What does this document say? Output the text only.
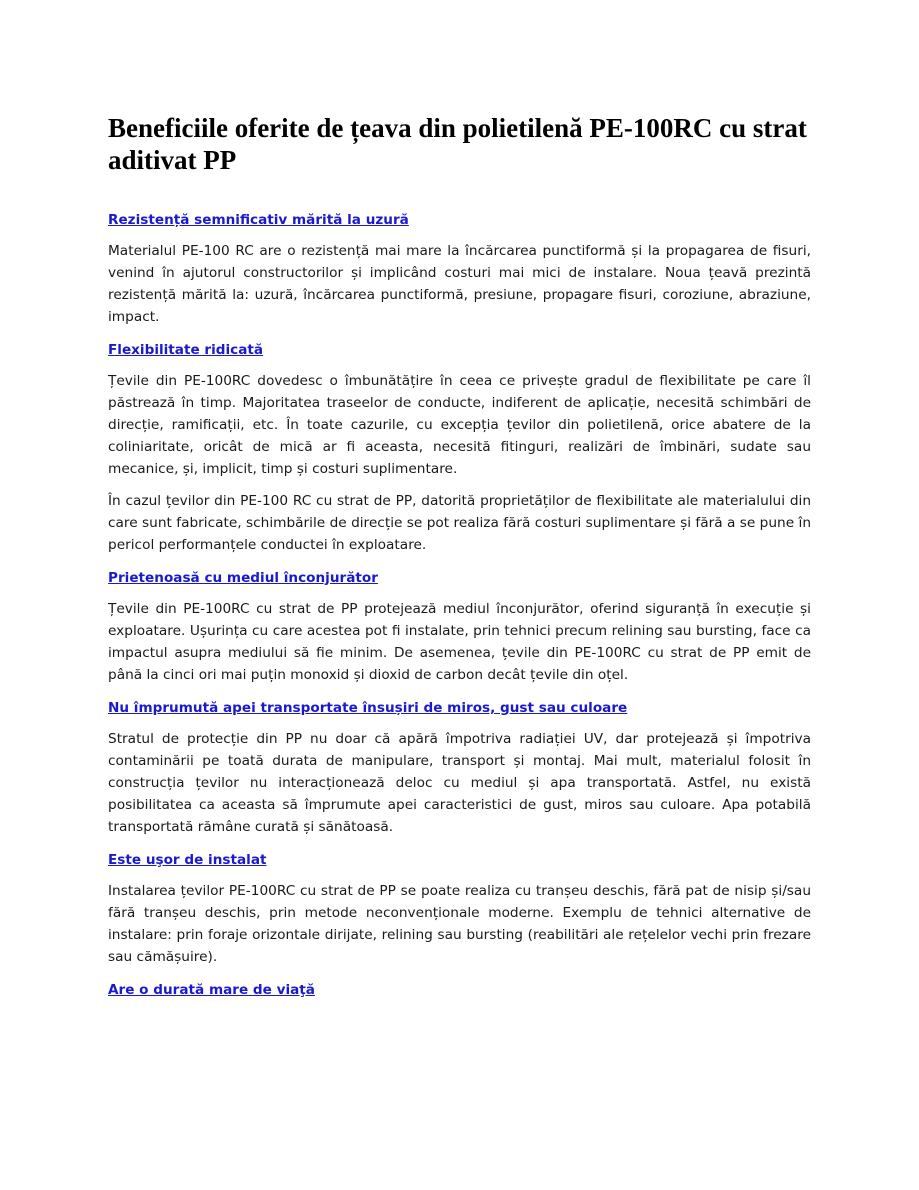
Beneficiile oferite de țeava din polietilenă PE-100RC cu strat aditivat PP
Rezistență semnificativ mărită la uzură

Materialul PE-100 RC are o rezistență mai mare la încărcarea punctiformă și la propagarea de fisuri, venind în ajutorul constructorilor și implicând costuri mai mici de instalare. Noua țeavă prezintă rezistență mărită la: uzură, încărcarea punctiformă, presiune, propagare fisuri, coroziune, abraziune, impact.

Flexibilitate ridicată

Țevile din PE-100RC dovedesc o îmbunătățire în ceea ce privește gradul de flexibilitate pe care îl păstrează în timp. Majoritatea traseelor de conducte, indiferent de aplicație, necesită schimbări de direcție, ramificații, etc. În toate cazurile, cu excepția țevilor din polietilenă, orice abatere de la coliniaritate, oricât de mică ar fi aceasta, necesită fitinguri, realizări de îmbinări, sudate sau mecanice, și, implicit, timp și costuri suplimentare.

În cazul țevilor din PE-100 RC cu strat de PP, datorită proprietăților de flexibilitate ale materialului din care sunt fabricate, schimbările de direcție se pot realiza fără costuri suplimentare și fără a se pune în pericol performanțele conductei în exploatare.

Prietenoasă cu mediul înconjurător

Țevile din PE-100RC cu strat de PP protejează mediul înconjurător, oferind siguranță în execuție și exploatare. Ușurința cu care acestea pot fi instalate, prin tehnici precum relining sau bursting, face ca impactul asupra mediului să fie minim. De asemenea, țevile din PE-100RC cu strat de PP emit de până la cinci ori mai puțin monoxid și dioxid de carbon decât țevile din oțel.

Nu împrumută apei transportate însușiri de miros, gust sau culoare

Stratul de protecție din PP nu doar că apără împotriva radiației UV, dar protejează și împotriva contaminării pe toată durata de manipulare, transport și montaj. Mai mult, materialul folosit în construcția țevilor nu interacționează deloc cu mediul și apa transportată. Astfel, nu există posibilitatea ca aceasta să împrumute apei caracteristici de gust, miros sau culoare. Apa potabilă transportată rămâne curată și sănătoasă.

Este uşor de instalat

Instalarea țevilor PE-100RC cu strat de PP se poate realiza cu tranșeu deschis, fără pat de nisip și/sau fără tranșeu deschis, prin metode neconvenționale moderne. Exemplu de tehnici alternative de instalare: prin foraje orizontale dirijate, relining sau bursting (reabilitări ale rețelelor vechi prin frezare sau cămășuire).

Are o durată mare de viaţă
